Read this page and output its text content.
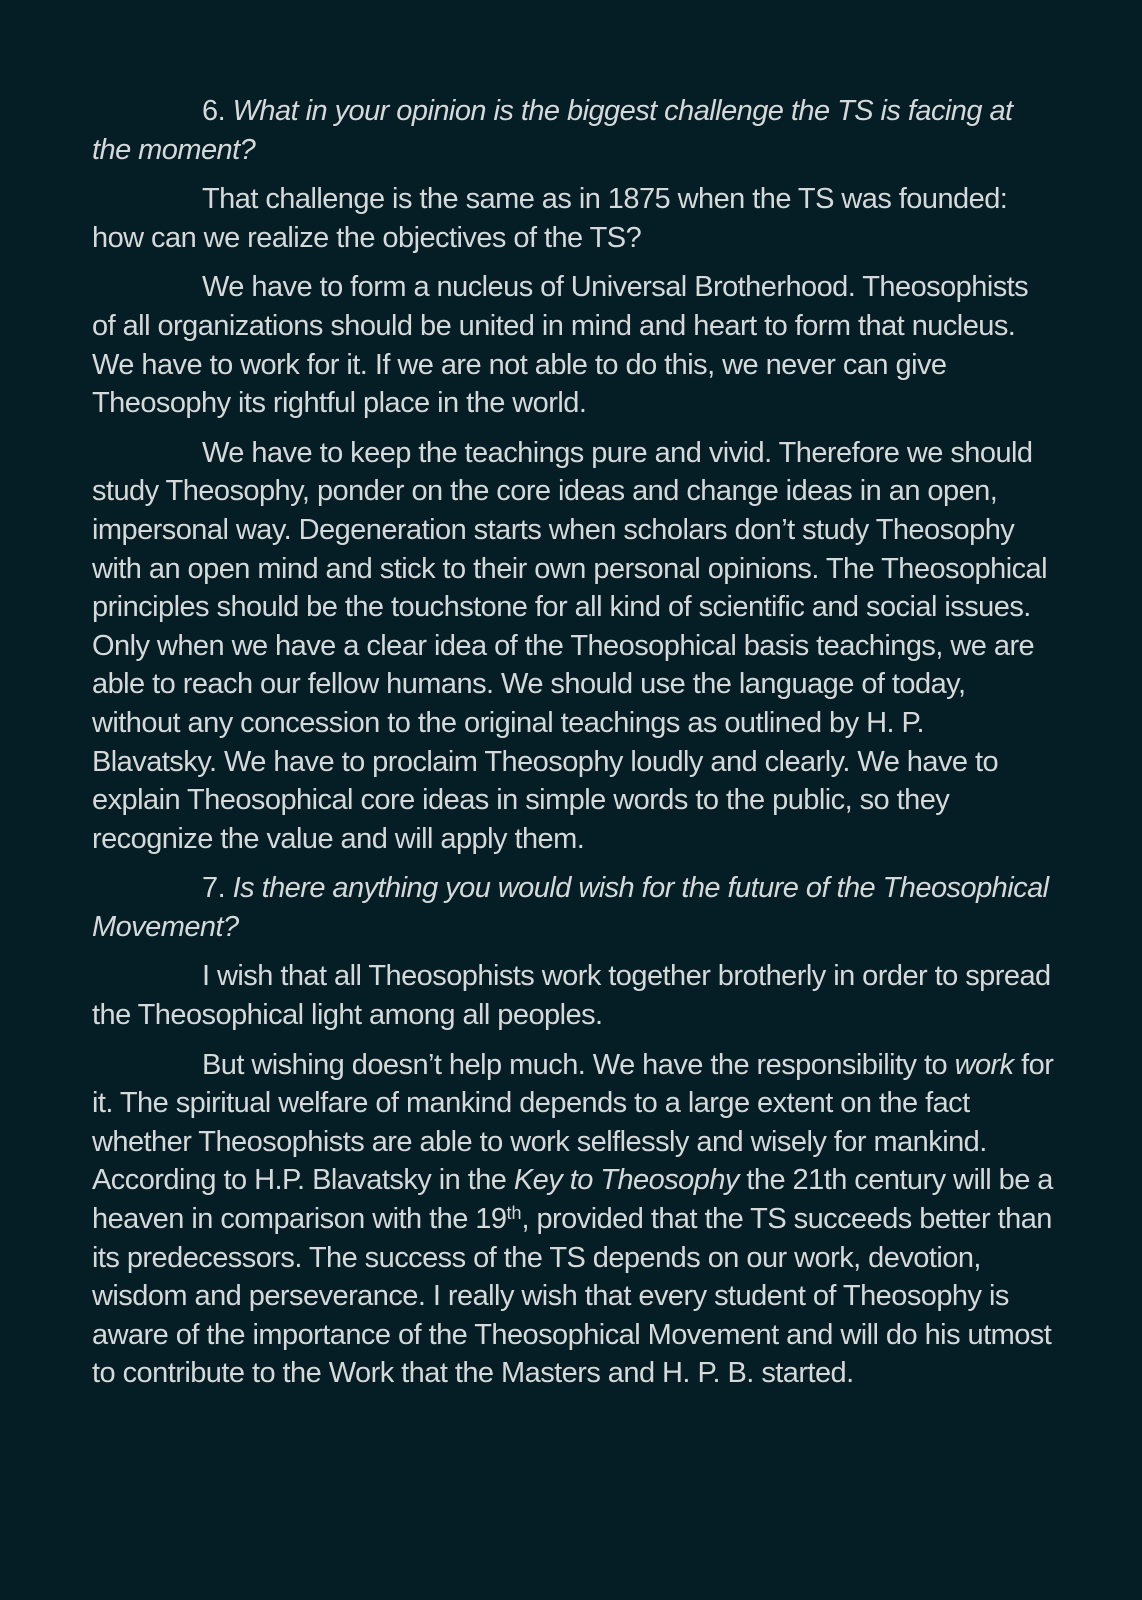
6. What in your opinion is the biggest challenge the TS is facing at the moment?

That challenge is the same as in 1875 when the TS was founded: how can we realize the objectives of the TS?

We have to form a nucleus of Universal Brotherhood. Theosophists of all organizations should be united in mind and heart to form that nucleus. We have to work for it. If we are not able to do this, we never can give Theosophy its rightful place in the world.

We have to keep the teachings pure and vivid. Therefore we should study Theosophy, ponder on the core ideas and change ideas in an open, impersonal way. Degeneration starts when scholars don’t study Theosophy with an open mind and stick to their own personal opinions. The Theosophical principles should be the touchstone for all kind of scientific and social issues. Only when we have a clear idea of the Theosophical basis teachings, we are able to reach our fellow humans. We should use the language of today, without any concession to the original teachings as outlined by H. P. Blavatsky. We have to proclaim Theosophy loudly and clearly. We have to explain Theosophical core ideas in simple words to the public, so they recognize the value and will apply them.

7. Is there anything you would wish for the future of the Theosophical Movement?

I wish that all Theosophists work together brotherly in order to spread the Theosophical light among all peoples.

But wishing doesn’t help much. We have the responsibility to work for it. The spiritual welfare of mankind depends to a large extent on the fact whether Theosophists are able to work selflessly and wisely for mankind. According to H.P. Blavatsky in the Key to Theosophy the 21th century will be a heaven in comparison with the 19th, provided that the TS succeeds better than its predecessors. The success of the TS depends on our work, devotion, wisdom and perseverance. I really wish that every student of Theosophy is aware of the importance of the Theosophical Movement and will do his utmost to contribute to the Work that the Masters and H. P. B. started.
